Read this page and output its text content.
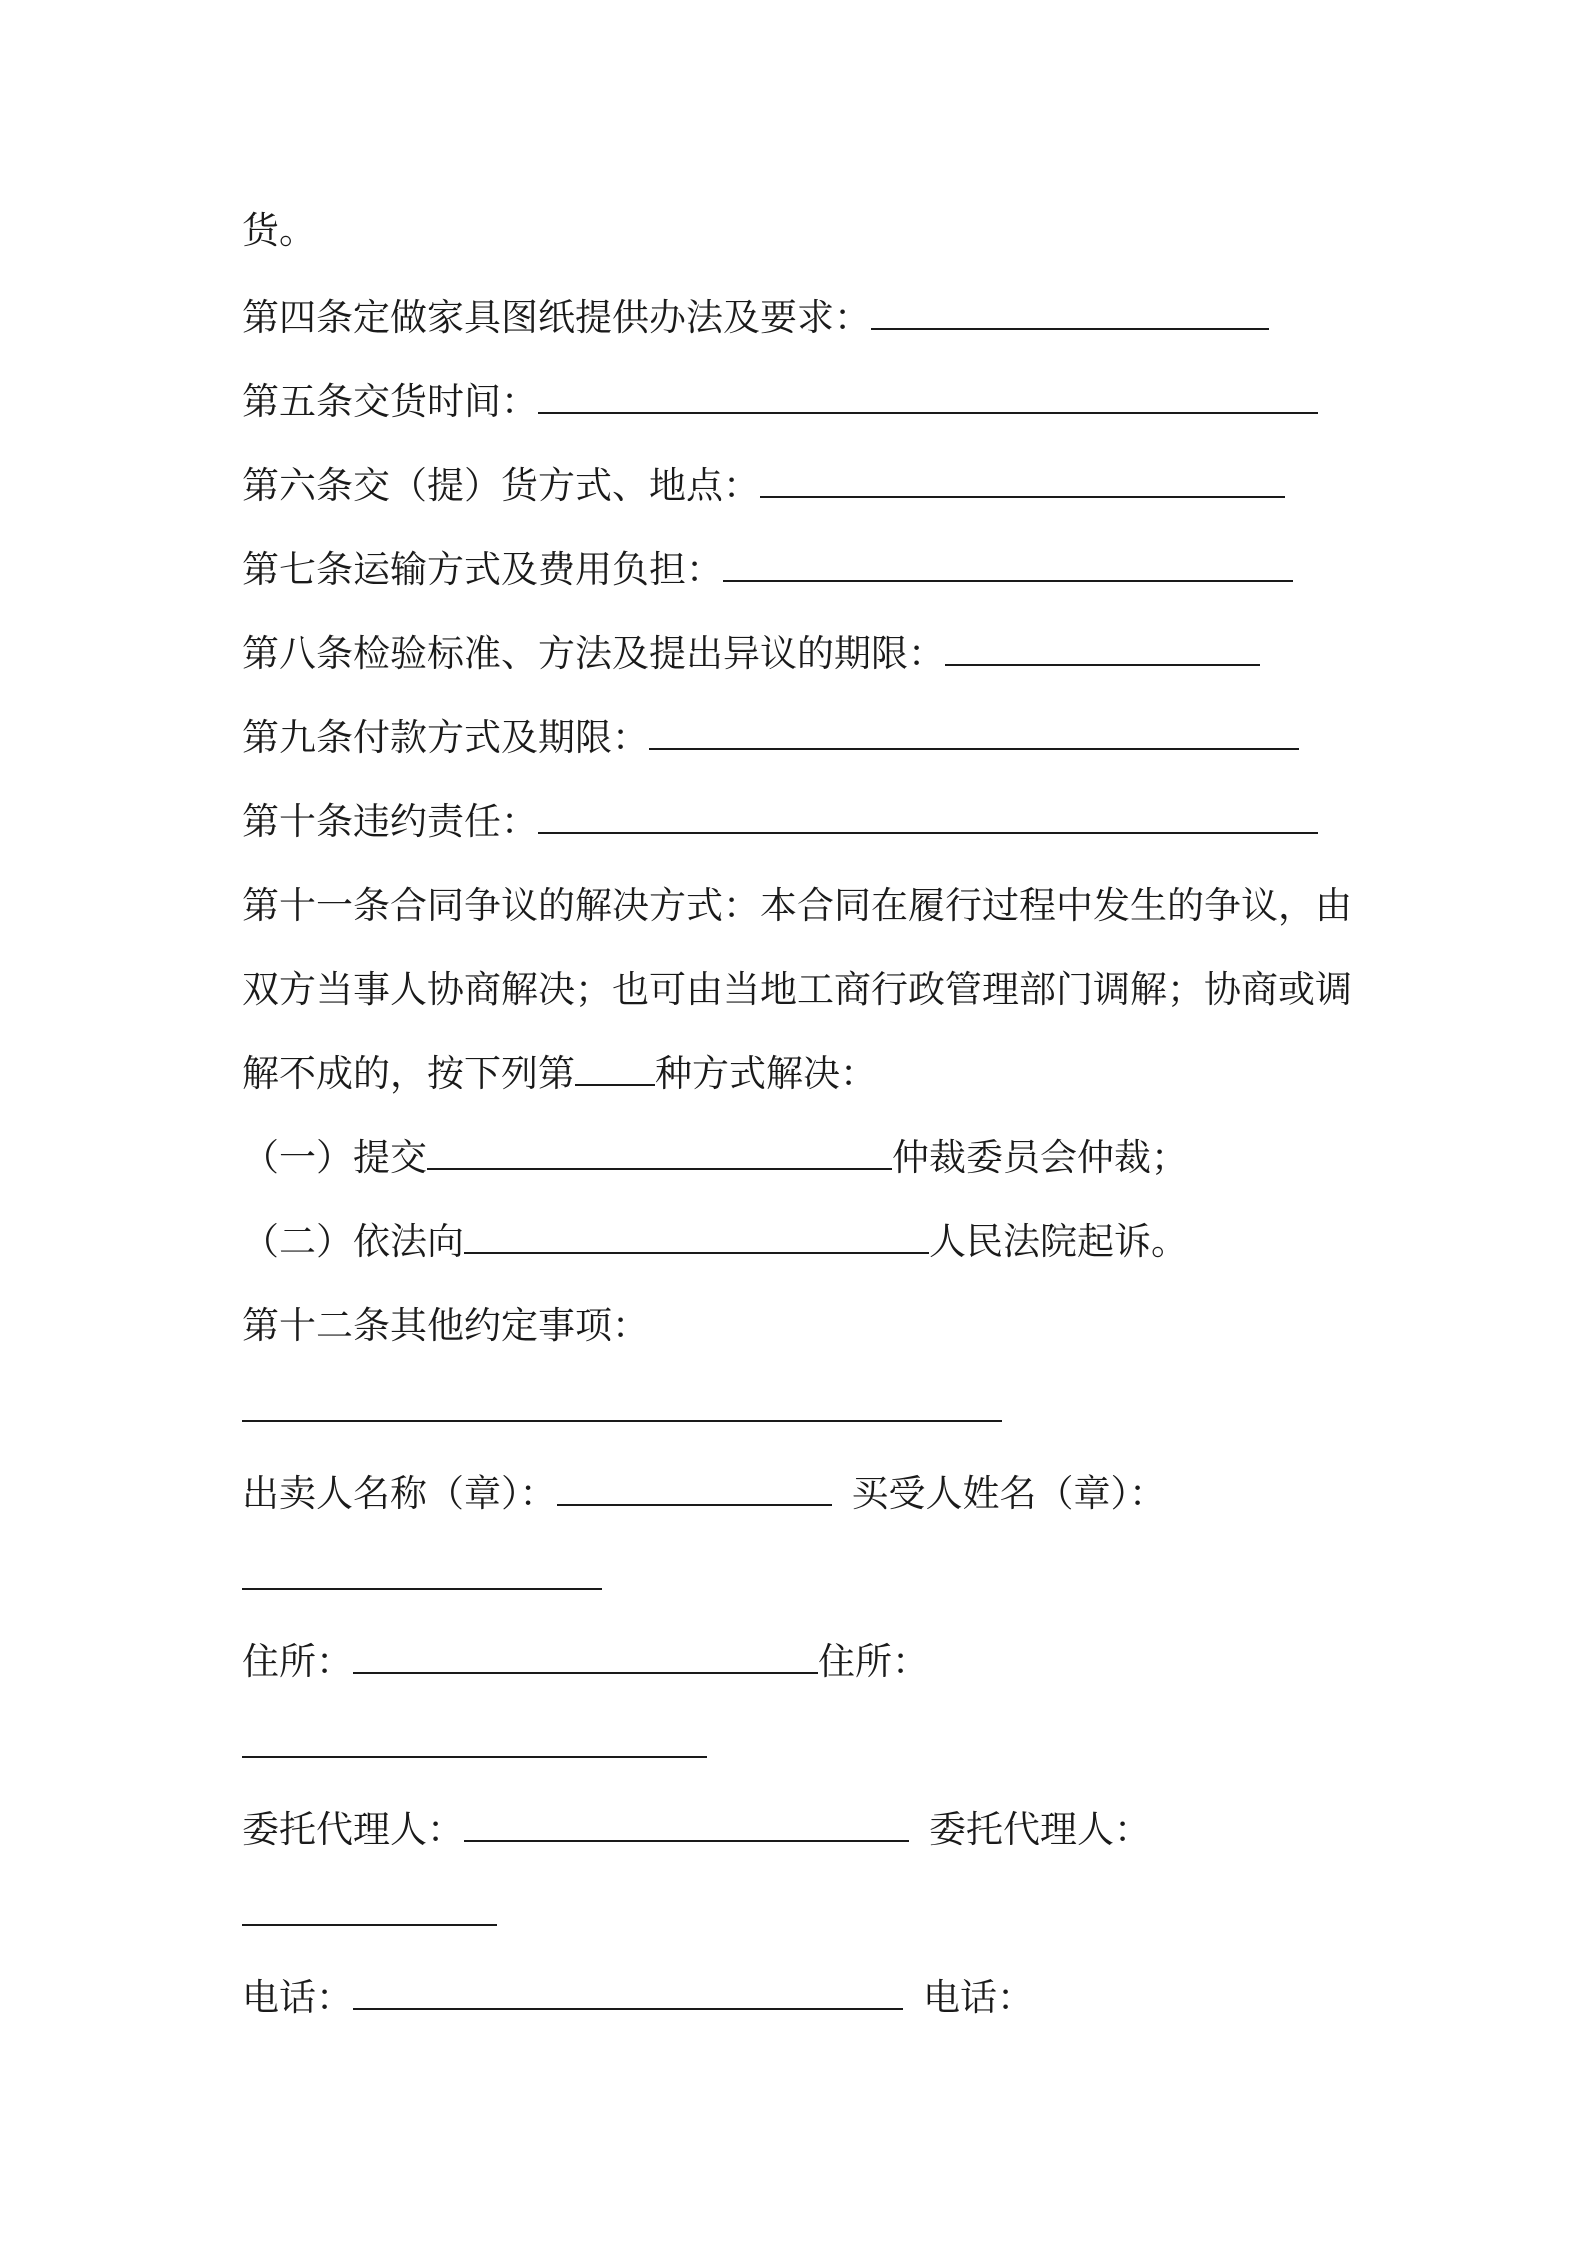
货。
第四条定做家具图纸提供办法及要求：
第五条交货时间：
第六条交（提）货方式、地点：
第七条运输方式及费用负担：
第八条检验标准、方法及提出异议的期限：
第九条付款方式及期限：
第十条违约责任：
第十一条合同争议的解决方式：本合同在履行过程中发生的争议，由
双方当事人协商解决；也可由当地工商行政管理部门调解；协商或调
解不成的，按下列第 种方式解决：
（一）提交	仲裁委员会仲裁；
（二）依法向	人民法院起诉。
第十二条其他约定事项：
出卖人名称（章）：	买受人姓名（章）：
住所：	住所：
委托代理人：	委托代理人：
电话：	电话：
